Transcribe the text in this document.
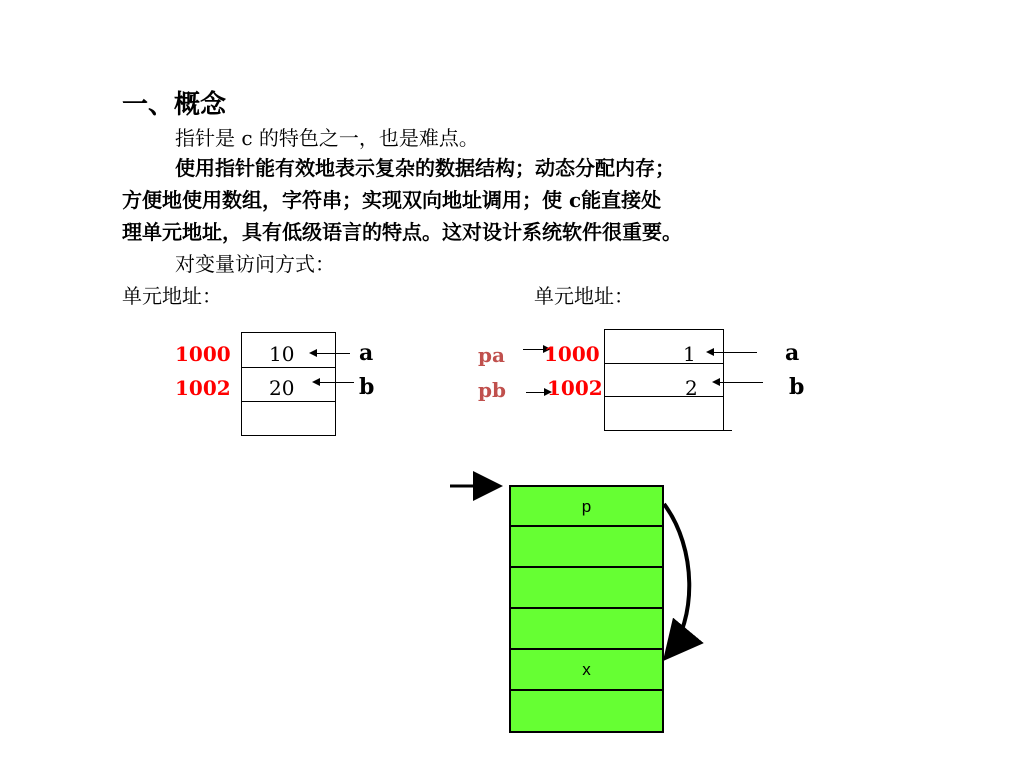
一、概念
指针是 c 的特色之一，也是难点。
使用指针能有效地表示复杂的数据结构；动态分配内存；
方便地使用数组，字符串；实现双向地址调用；使 c能直接处
理单元地址，具有低级语言的特点。这对设计系统软件很重要。
对变量访问方式：
单元地址：
1000
1002
10
20
a
b
单元地址：
pa
pb
1000
1002
1
2
a
b
p
x
